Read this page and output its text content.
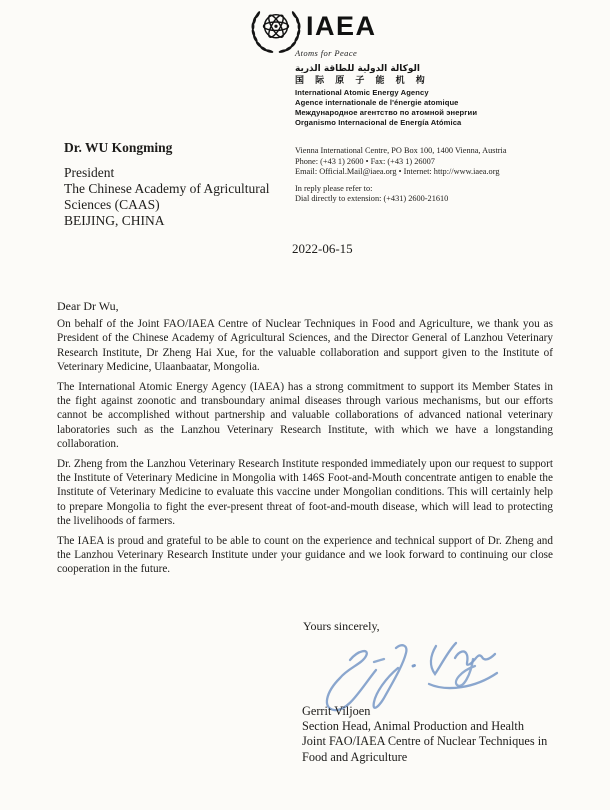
IAEA
Atoms for Peace
الوكالة الدولية للطاقة الذرية
国 际 原 子 能 机 构
International Atomic Energy Agency
Agence internationale de l'énergie atomique
Международное агентство по атомной энергии
Organismo Internacional de Energía Atómica
Dr. WU Kongming
President
The Chinese Academy of Agricultural
Sciences (CAAS)
BEIJING, CHINA
Vienna International Centre, PO Box 100, 1400 Vienna, Austria
Phone: (+43 1) 2600 • Fax: (+43 1) 26007
Email: Official.Mail@iaea.org • Internet: http://www.iaea.org
In reply please refer to:
Dial directly to extension: (+431) 2600-21610
2022-06-15
Dear Dr Wu,

On behalf of the Joint FAO/IAEA Centre of Nuclear Techniques in Food and Agriculture, we thank you as President of the Chinese Academy of Agricultural Sciences, and the Director General of Lanzhou Veterinary Research Institute, Dr Zheng Hai Xue, for the valuable collaboration and support given to the Institute of Veterinary Medicine, Ulaanbaatar, Mongolia.

The International Atomic Energy Agency (IAEA) has a strong commitment to support its Member States in the fight against zoonotic and transboundary animal diseases through various mechanisms, but our efforts cannot be accomplished without partnership and valuable collaborations of advanced national veterinary laboratories such as the Lanzhou Veterinary Research Institute, with which we have a longstanding collaboration.

Dr. Zheng from the Lanzhou Veterinary Research Institute responded immediately upon our request to support the Institute of Veterinary Medicine in Mongolia with 146S Foot-and-Mouth concentrate antigen to enable the Institute of Veterinary Medicine to evaluate this vaccine under Mongolian conditions. This will certainly help to prepare Mongolia to fight the ever-present threat of foot-and-mouth disease, which will lead to protecting the livelihoods of farmers.

The IAEA is proud and grateful to be able to count on the experience and technical support of Dr. Zheng and the Lanzhou Veterinary Research Institute under your guidance and we look forward to continuing our close cooperation in the future.

Yours sincerely,
Gerrit Viljoen
Section Head, Animal Production and Health
Joint FAO/IAEA Centre of Nuclear Techniques in
Food and Agriculture
